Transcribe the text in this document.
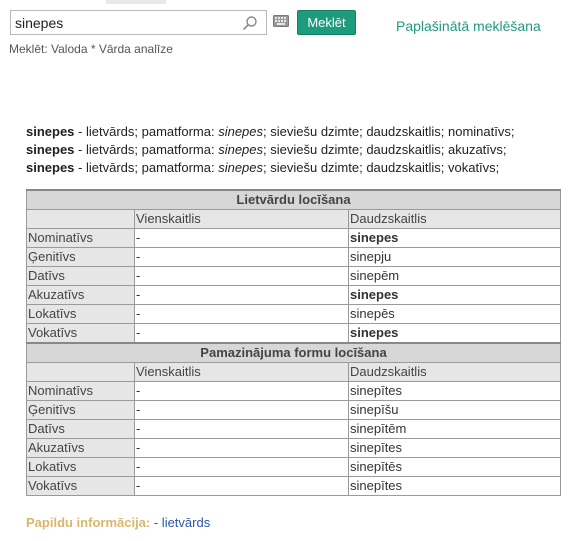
sinepes
Meklēt	Paplašinātā meklēšana
Meklēt: Valoda * Vārda analīze
sinepes - lietvārds; pamatforma: sinepes; sieviešu dzimte; daudzskaitlis; nominatīvs;
sinepes - lietvārds; pamatforma: sinepes; sieviešu dzimte; daudzskaitlis; akuzatīvs;
sinepes - lietvārds; pamatforma: sinepes; sieviešu dzimte; daudzskaitlis; vokatīvs;
Lietvārdu locīšana		
	Vienskaitlis	Daudzskaitlis
Nominatīvs	-	sinepes
Ģenitīvs	-	sinepju
Datīvs	-	sinepēm
Akuzatīvs	-	sinepes
Lokatīvs	-	sinepēs
Vokatīvs	-	sinepes
Pamazinājuma formu locīšana		
	Vienskaitlis	Daudzskaitlis
Nominatīvs	-	sinepītes
Ģenitīvs	-	sinepīšu
Datīvs	-	sinepītēm
Akuzatīvs	-	sinepītes
Lokatīvs	-	sinepītēs
Vokatīvs	-	sinepītes
Papildu informācija: - lietvārds
